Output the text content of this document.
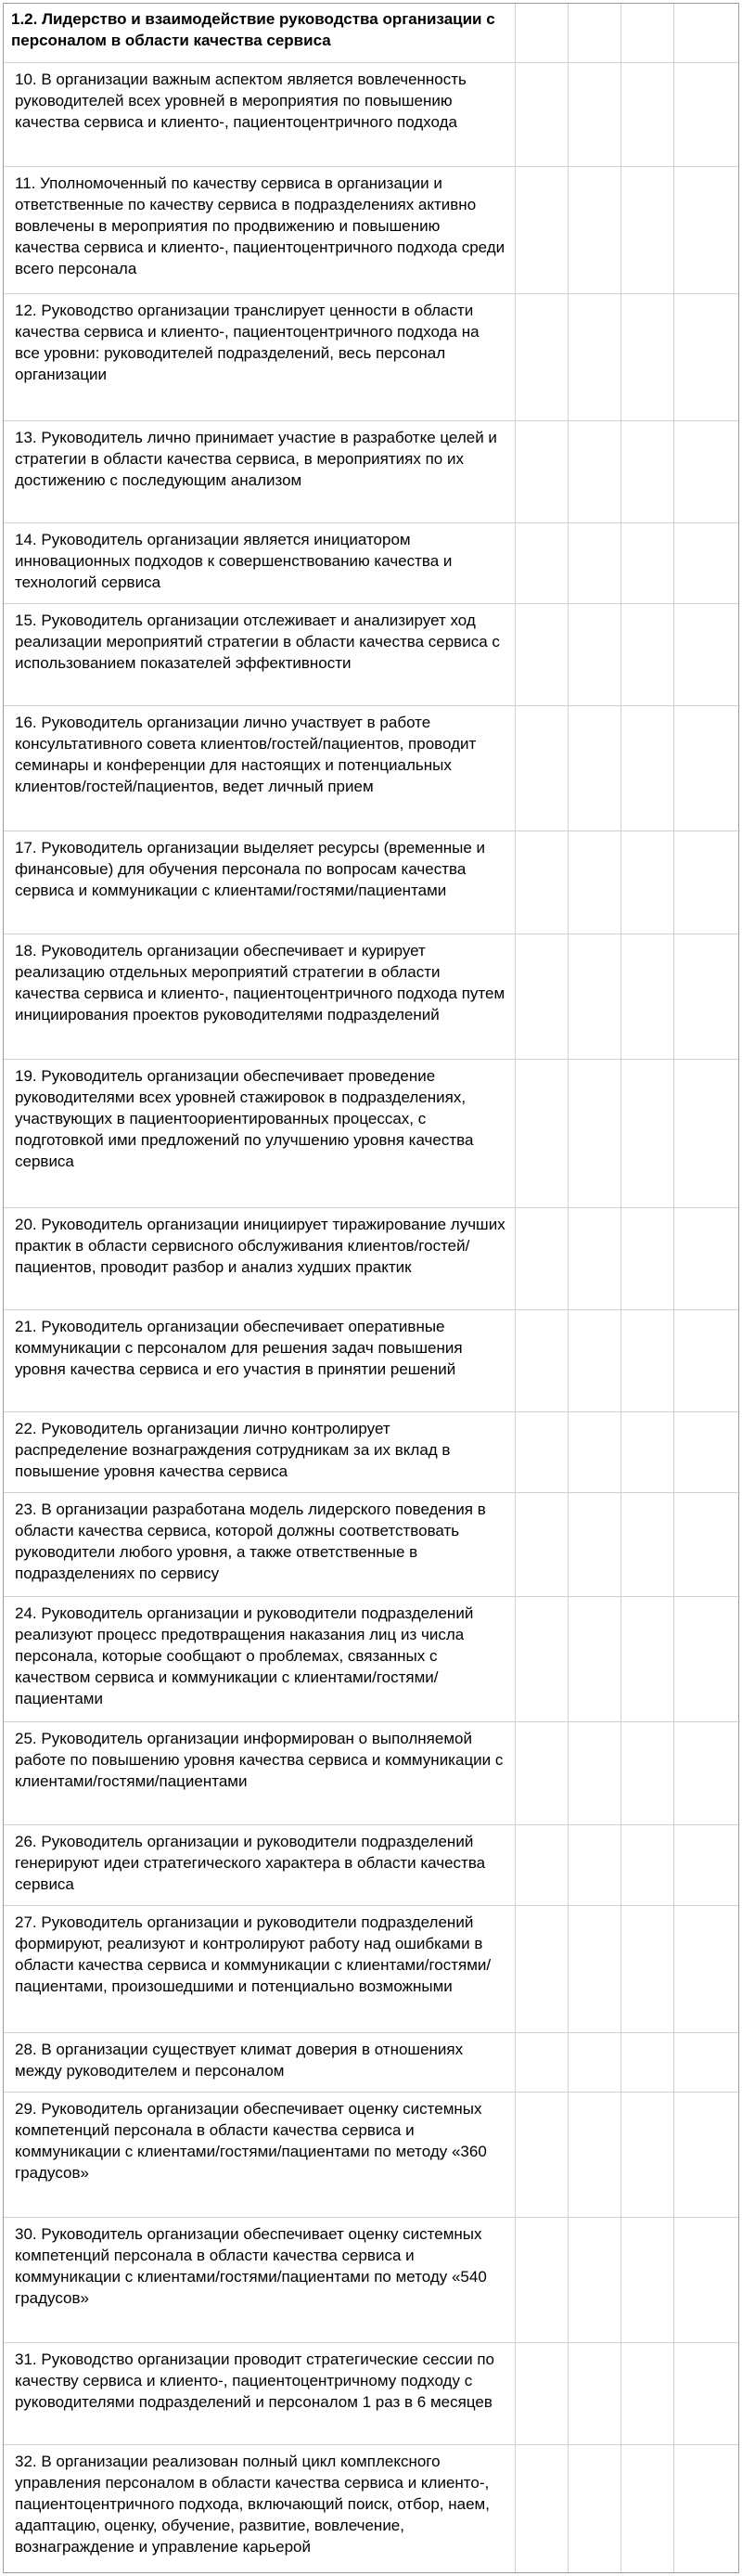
1.2. Лидерство и взаимодействие руководства организации с персоналом в области качества сервиса				
10. В организации важным аспектом является вовлеченность руководителей всех уровней в мероприятия по повышению качества сервиса и клиенто-, пациентоцентричного подхода				
11. Уполномоченный по качеству сервиса в организации и ответственные по качеству сервиса в подразделениях активно вовлечены в мероприятия по продвижению и повышению качества сервиса и клиенто-, пациентоцентричного подхода среди всего персонала				
12. Руководство организации транслирует ценности в области качества сервиса и клиенто-, пациентоцентричного подхода на все уровни: руководителей подразделений, весь персонал организации				
13. Руководитель лично принимает участие в разработке целей и стратегии в области качества сервиса, в мероприятиях по их достижению с последующим анализом				
14. Руководитель организации является инициатором инновационных подходов к совершенствованию качества и технологий сервиса				
15. Руководитель организации отслеживает и анализирует ход реализации мероприятий стратегии в области качества сервиса с использованием показателей эффективности				
16. Руководитель организации лично участвует в работе консультативного совета клиентов/гостей/пациентов, проводит семинары и конференции для настоящих и потенциальных клиентов/гостей/пациентов, ведет личный прием				
17. Руководитель организации выделяет ресурсы (временные и финансовые) для обучения персонала по вопросам качества сервиса и коммуникации с клиентами/гостями/пациентами				
18. Руководитель организации обеспечивает и курирует реализацию отдельных мероприятий стратегии в области качества сервиса и клиенто-, пациентоцентричного подхода путем инициирования проектов руководителями подразделений				
19. Руководитель организации обеспечивает проведение руководителями всех уровней стажировок в подразделениях, участвующих в пациентоориентированных процессах, с подготовкой ими предложений по улучшению уровня качества сервиса				
20. Руководитель организации инициирует тиражирование лучших практик в области сервисного обслуживания клиентов/гостей/пациентов, проводит разбор и анализ худших практик				
21. Руководитель организации обеспечивает оперативные коммуникации с персоналом для решения задач повышения уровня качества сервиса и его участия в принятии решений				
22. Руководитель организации лично контролирует распределение вознаграждения сотрудникам за их вклад в повышение уровня качества сервиса				
23. В организации разработана модель лидерского поведения в области качества сервиса, которой должны соответствовать руководители любого уровня, а также ответственные в подразделениях по сервису				
24. Руководитель организации и руководители подразделений реализуют процесс предотвращения наказания лиц из числа персонала, которые сообщают о проблемах, связанных с качеством сервиса и коммуникации с клиентами/гостями/пациентами				
25. Руководитель организации информирован о выполняемой работе по повышению уровня качества сервиса и коммуникации с клиентами/гостями/пациентами				
26. Руководитель организации и руководители подразделений генерируют идеи стратегического характера в области качества сервиса				
27. Руководитель организации и руководители подразделений формируют, реализуют и контролируют работу над ошибками в области качества сервиса и коммуникации с клиентами/гостями/пациентами, произошедшими и потенциально возможными				
28. В организации существует климат доверия в отношениях между руководителем и персоналом				
29. Руководитель организации обеспечивает оценку системных компетенций персонала в области качества сервиса и коммуникации с клиентами/гостями/пациентами по методу «360 градусов»				
30. Руководитель организации обеспечивает оценку системных компетенций персонала в области качества сервиса и коммуникации с клиентами/гостями/пациентами по методу «540 градусов»				
31. Руководство организации проводит стратегические сессии по качеству сервиса и клиенто-, пациентоцентричному подходу с руководителями подразделений и персоналом 1 раз в 6 месяцев				
32. В организации реализован полный цикл комплексного управления персоналом в области качества сервиса и клиенто-, пациентоцентричного подхода, включающий поиск, отбор, наем, адаптацию, оценку, обучение, развитие, вовлечение, вознаграждение и управление карьерой				
